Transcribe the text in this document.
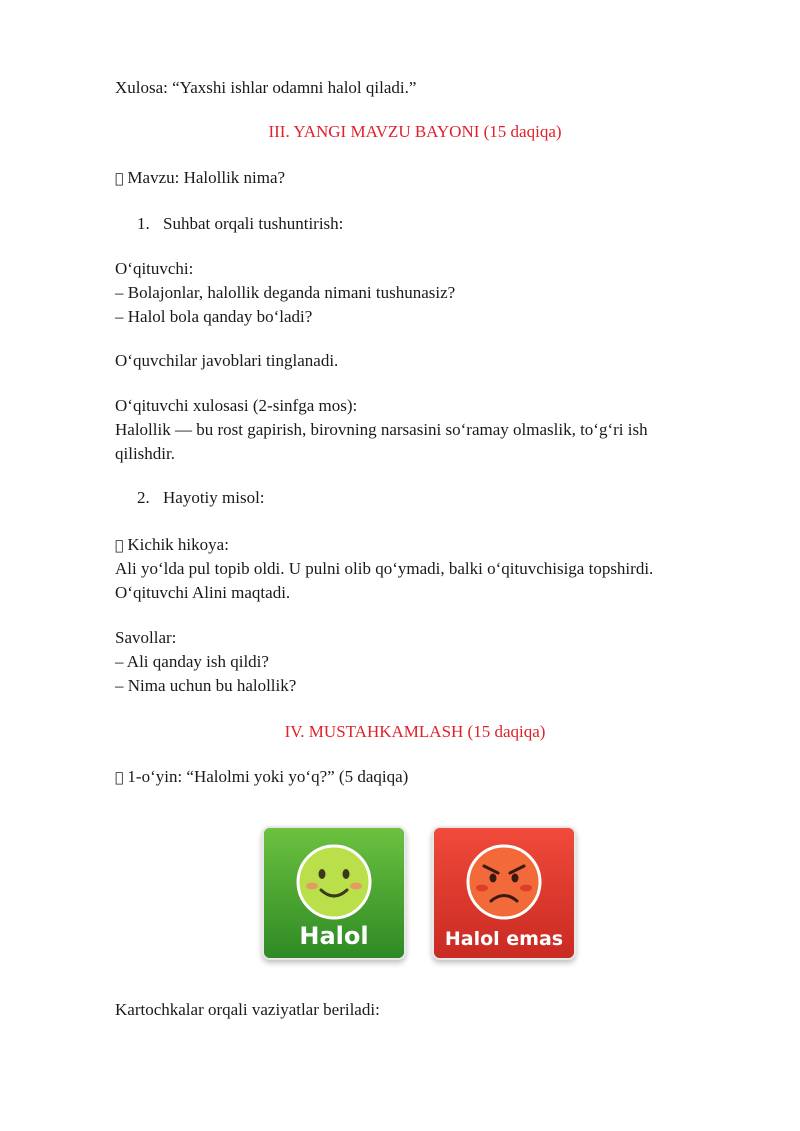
Xulosa: “Yaxshi ishlar odamni halol qiladi.”
III. YANGI MAVZU BAYONI (15 daqiqa)
Mavzu: Halollik nima?
1. Suhbat orqali tushuntirish:
O‘qituvchi:
– Bolajonlar, halollik deganda nimani tushunasiz?
– Halol bola qanday bo‘ladi?
O‘quvchilar javoblari tinglanadi.
O‘qituvchi xulosasi (2-sinfga mos):
Halollik — bu rost gapirish, birovning narsasini so‘ramay olmaslik, to‘g‘ri ish
qilishdir.
2. Hayotiy misol:
Kichik hikoya:
Ali yo‘lda pul topib oldi. U pulni olib qo‘ymadi, balki o‘qituvchisiga topshirdi.
O‘qituvchi Alini maqtadi.
Savollar:
– Ali qanday ish qildi?
– Nima uchun bu halollik?
IV. MUSTAHKAMLASH (15 daqiqa)
1-o‘yin: “Halolmi yoki yo‘q?” (5 daqiqa)
Kartochkalar orqali vaziyatlar beriladi:
Halol	Halol emas
